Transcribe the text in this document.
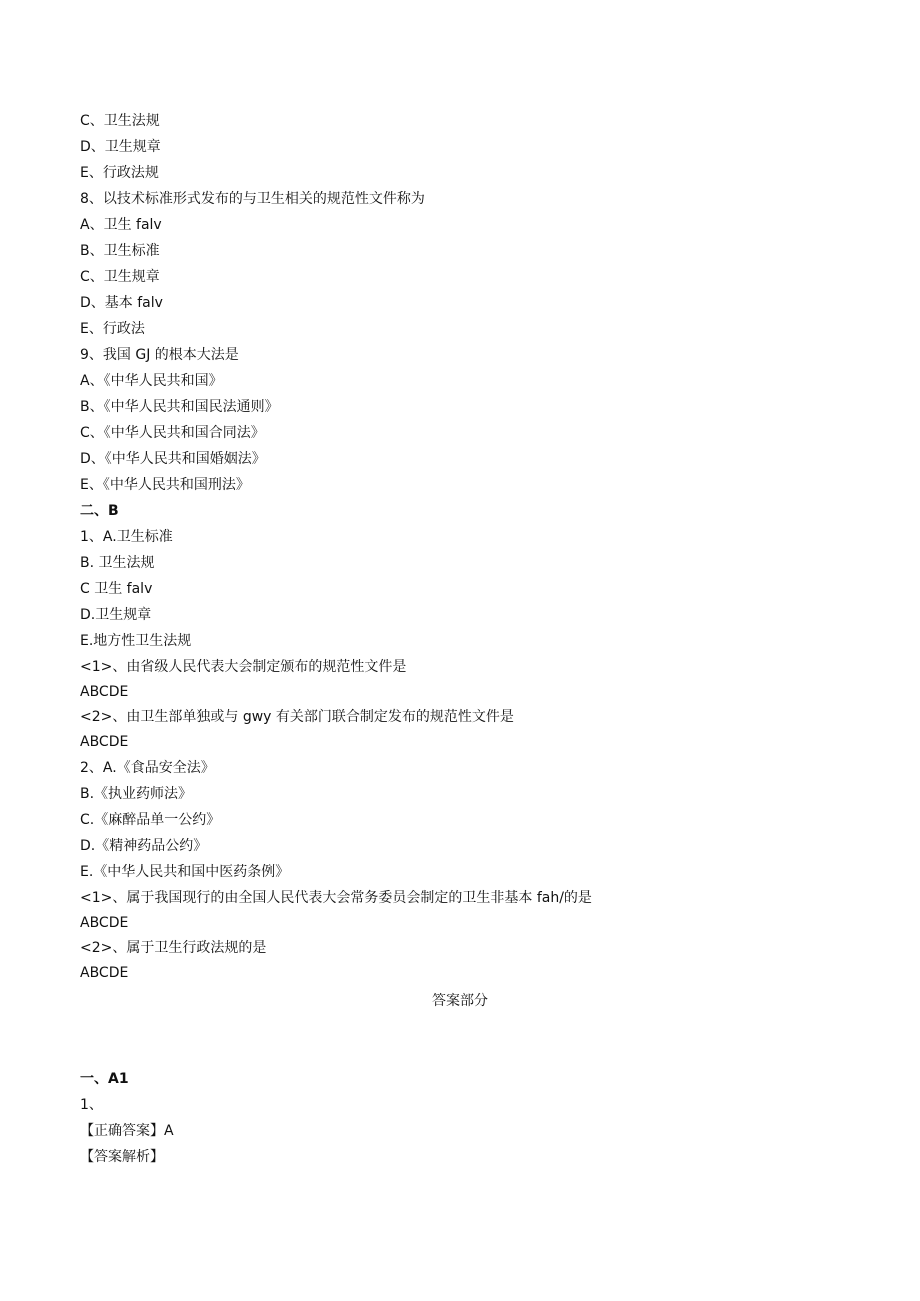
C、卫生法规
D、卫生规章
E、行政法规
8、以技术标准形式发布的与卫生相关的规范性文件称为
A、卫生 falv
B、卫生标准
C、卫生规章
D、基本 falv
E、行政法
9、我国 GJ 的根本大法是
A、《中华人民共和国》
B、《中华人民共和国民法通则》
C、《中华人民共和国合同法》
D、《中华人民共和国婚姻法》
E、《中华人民共和国刑法》
二、B
1、A.卫生标准
B. 卫生法规
C 卫生 falv
D.卫生规章
E.地方性卫生法规
<1>、由省级人民代表大会制定颁布的规范性文件是
ABCDE
<2>、由卫生部单独或与 gwy 有关部门联合制定发布的规范性文件是
ABCDE
2、A.《食品安全法》
B.《执业药师法》
C.《麻醉品单一公约》
D.《精神药品公约》
E.《中华人民共和国中医药条例》
<1>、属于我国现行的由全国人民代表大会常务委员会制定的卫生非基本 fah/的是
ABCDE
<2>、属于卫生行政法规的是
ABCDE
答案部分
一、A1
1、
【正确答案】A
【答案解析】
